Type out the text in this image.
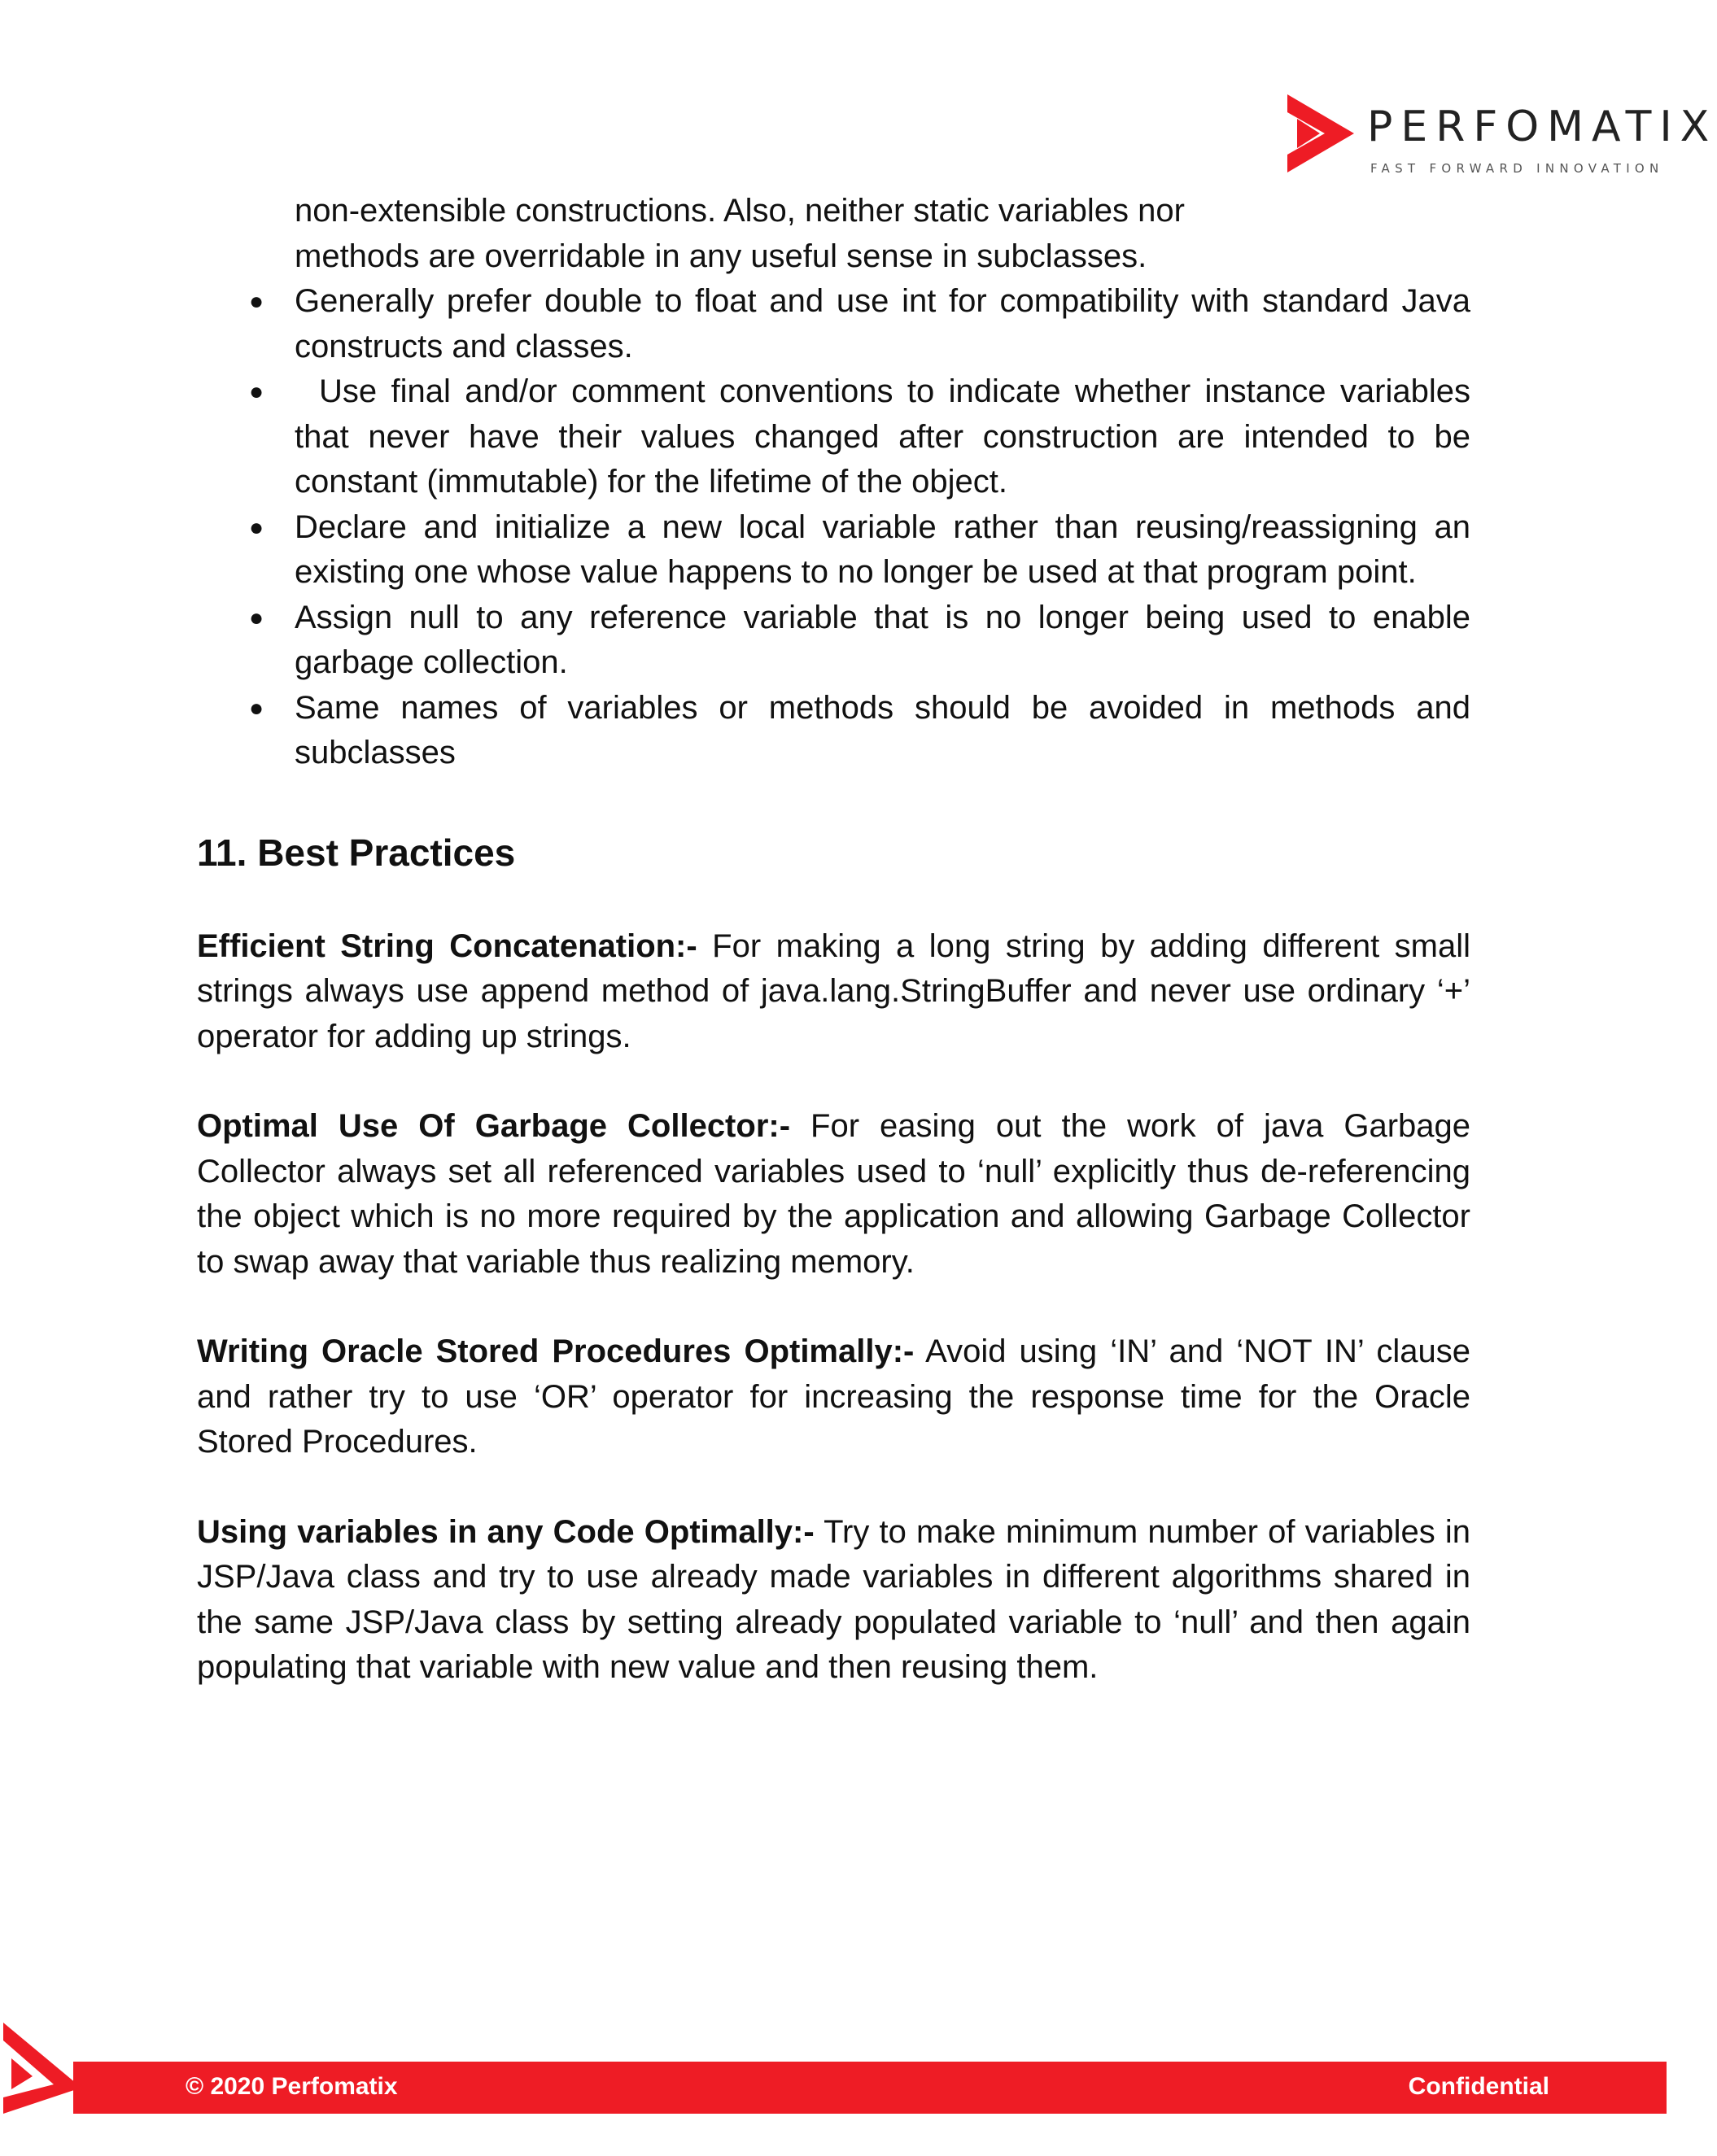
PERFOMATIX
FAST FORWARD INNOVATION

non-extensible constructions. Also, neither static variables nor

methods are overridable in any useful sense in subclasses.

● Generally prefer double to float and use int for compatibility with standard Java constructs and classes.
● Use final and/or comment conventions to indicate whether instance variables that never have their values changed after construction are intended to be constant (immutable) for the lifetime of the object.
● Declare and initialize a new local variable rather than reusing/reassigning an existing one whose value happens to no longer be used at that program point.
● Assign null to any reference variable that is no longer being used to enable garbage collection.
● Same names of variables or methods should be avoided in methods and subclasses
11. Best Practices

Efficient String Concatenation:- For making a long string by adding different small strings always use append method of java.lang.StringBuffer and never use ordinary ‘+’ operator for adding up strings.

Optimal Use Of Garbage Collector:- For easing out the work of java Garbage Collector always set all referenced variables used to ‘null’ explicitly thus de-referencing the object which is no more required by the application and allowing Garbage Collector to swap away that variable thus realizing memory.

Writing Oracle Stored Procedures Optimally:- Avoid using ‘IN’ and ‘NOT IN’ clause and rather try to use ‘OR’ operator for increasing the response time for the Oracle Stored Procedures.

Using variables in any Code Optimally:- Try to make minimum number of variables in JSP/Java class and try to use already made variables in different algorithms shared in the same JSP/Java class by setting already populated variable to ‘null’ and then again populating that variable with new value and then reusing them.

© 2020 Perfomatix	Confidential
